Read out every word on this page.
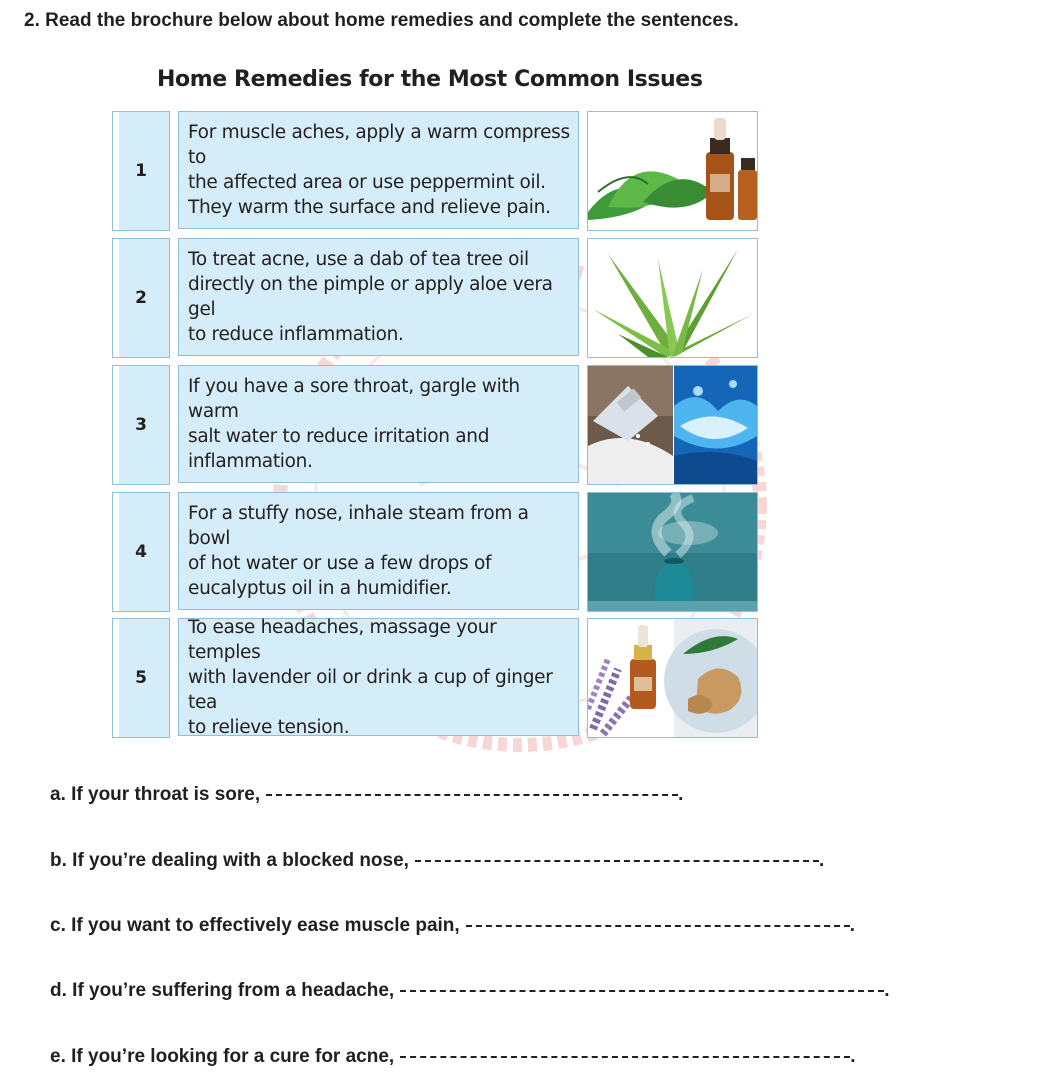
2. Read the brochure below about home remedies and complete the sentences.
Home Remedies for the Most Common Issues
1
For muscle aches, apply a warm compress to
the affected area or use peppermint oil.
They warm the surface and relieve pain.
2
To treat acne, use a dab of tea tree oil
directly on the pimple or apply aloe vera gel
to reduce inflammation.
3
If you have a sore throat, gargle with warm
salt water to reduce irritation and
inflammation.
4
For a stuffy nose, inhale steam from a bowl
of hot water or use a few drops of
eucalyptus oil in a humidifier.
5
To ease headaches, massage your temples
with lavender oil or drink a cup of ginger tea
to relieve tension.
a. If your throat is sore,	.
b. If you’re dealing with a blocked nose,	.
c. If you want to effectively ease muscle pain,	.
d. If you’re suffering from a headache,	.
e. If you’re looking for a cure for acne,	.
